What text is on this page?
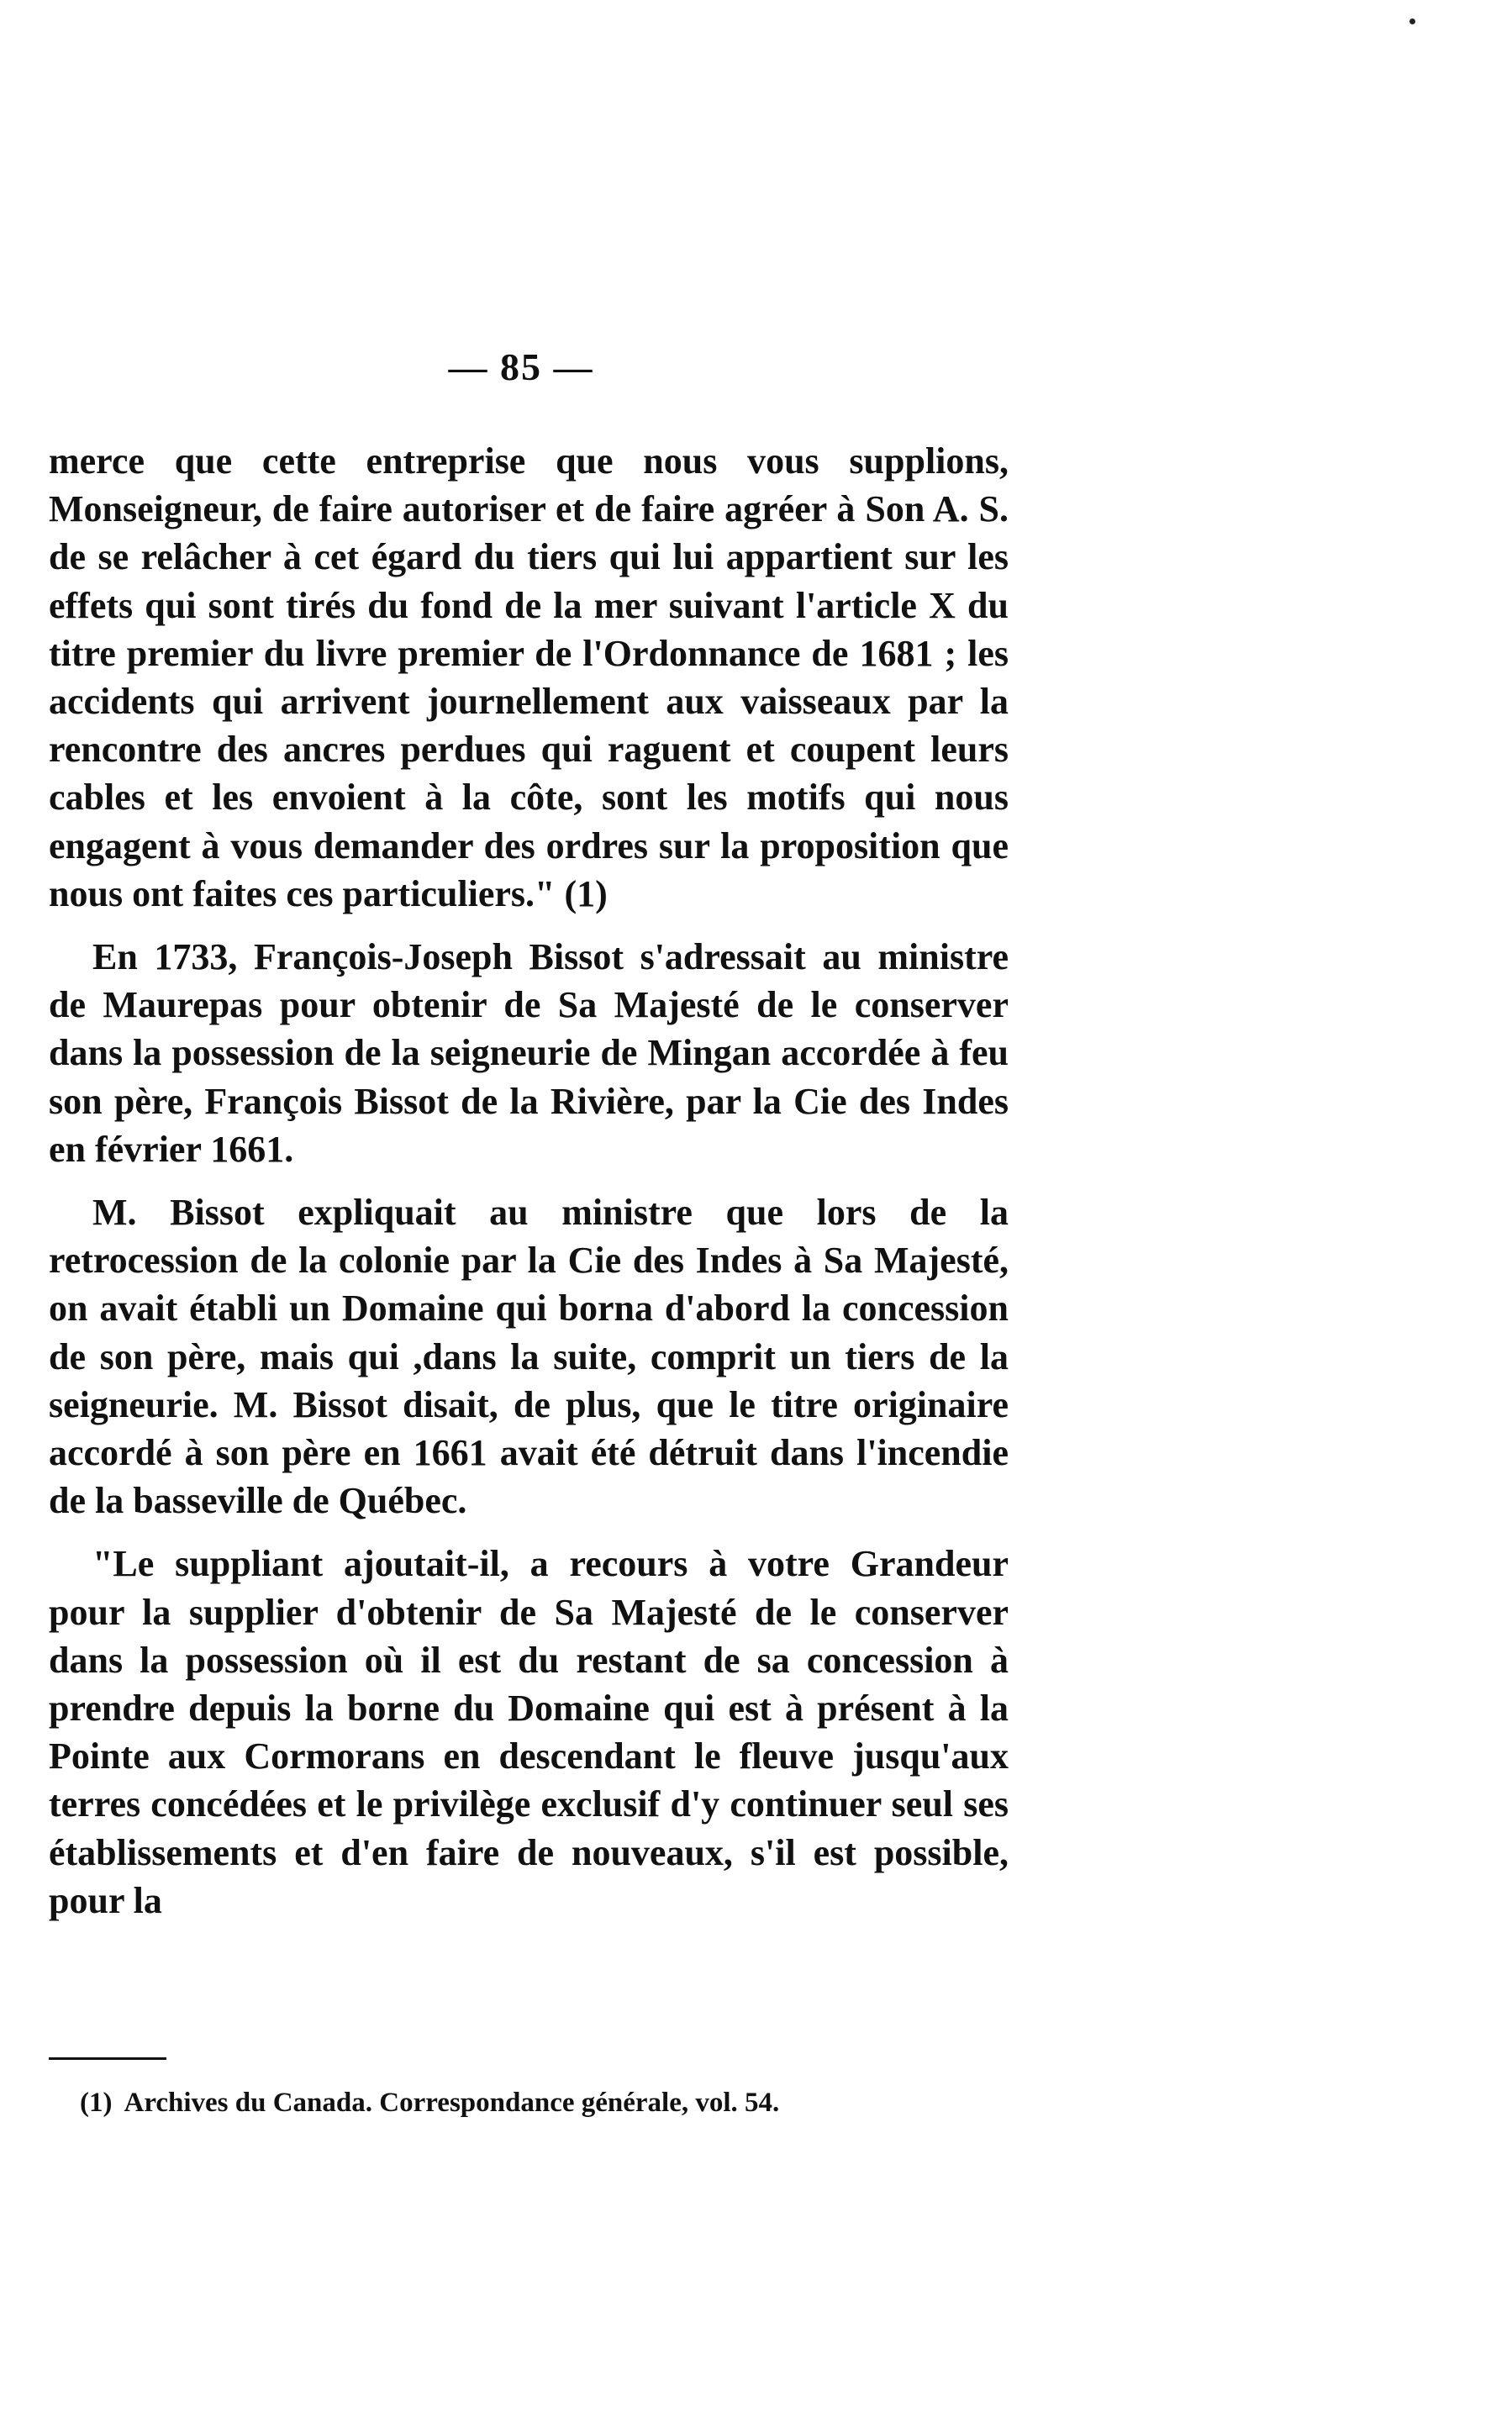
— 85 —

merce que cette entreprise que nous vous supplions, Monseigneur, de faire autoriser et de faire agréer à Son A. S. de se relâcher à cet égard du tiers qui lui appartient sur les effets qui sont tirés du fond de la mer suivant l'article X du titre premier du livre premier de l'Ordonnance de 1681 ; les accidents qui arrivent journellement aux vaisseaux par la rencontre des ancres perdues qui raguent et coupent leurs cables et les envoient à la côte, sont les motifs qui nous engagent à vous demander des ordres sur la proposition que nous ont faites ces particuliers." (1)

En 1733, François-Joseph Bissot s'adressait au ministre de Maurepas pour obtenir de Sa Majesté de le conserver dans la possession de la seigneurie de Mingan accordée à feu son père, François Bissot de la Rivière, par la Cie des Indes en février 1661.

M. Bissot expliquait au ministre que lors de la retrocession de la colonie par la Cie des Indes à Sa Majesté, on avait établi un Domaine qui borna d'abord la concession de son père, mais qui ,dans la suite, comprit un tiers de la seigneurie. M. Bissot disait, de plus, que le titre originaire accordé à son père en 1661 avait été détruit dans l'incendie de la basseville de Québec.

"Le suppliant ajoutait-il, a recours à votre Grandeur pour la supplier d'obtenir de Sa Majesté de le conserver dans la possession où il est du restant de sa concession à prendre depuis la borne du Domaine qui est à présent à la Pointe aux Cormorans en descendant le fleuve jusqu'aux terres concédées et le privilège exclusif d'y continuer seul ses établissements et d'en faire de nouveaux, s'il est possible, pour la

(1) Archives du Canada. Correspondance générale, vol. 54.
